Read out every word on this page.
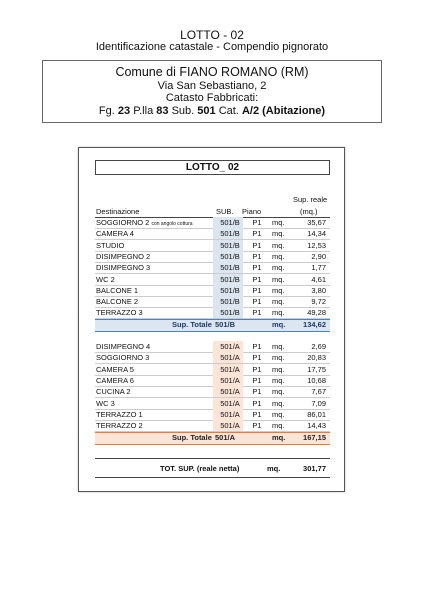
LOTTO - 02
Identificazione catastale - Compendio pignorato
Comune di FIANO ROMANO (RM)
Via San Sebastiano, 2
Catasto Fabbricati:
Fg. 23 P.lla 83 Sub. 501 Cat. A/2 (Abitazione)
LOTTO_ 02
Sup. reale
(mq.)
Destinazione	SUB. Piano
SOGGIORNO 2 con angolo cottura	501/B	P1	mq.	35,67
CAMERA 4	501/B	P1	mq.	14,34
STUDIO	501/B	P1	mq.	12,53
DISIMPEGNO 2	501/B	P1	mq.	2,90
DISIMPEGNO 3	501/B	P1	mq.	1,77
WC 2	501/B	P1	mq.	4,61
BALCONE 1	501/B	P1	mq.	3,80
BALCONE 2	501/B	P1	mq.	9,72
TERRAZZO 3	501/B	P1	mq.	49,28
Sup. Totale 501/B	mq.	134,62
DISIMPEGNO 4	501/A	P1	mq.	2,69
SOGGIORNO 3	501/A	P1	mq.	20,83
CAMERA 5	501/A	P1	mq.	17,75
CAMERA 6	501/A	P1	mq.	10,68
CUCINA 2	501/A	P1	mq.	7,67
WC 3	501/A	P1	mq.	7,09
TERRAZZO 1	501/A	P1	mq.	86,01
TERRAZZO 2	501/A	P1	mq.	14,43
Sup. Totale 501/A	mq.	167,15
TOT. SUP. (reale netta)	mq.	301,77
